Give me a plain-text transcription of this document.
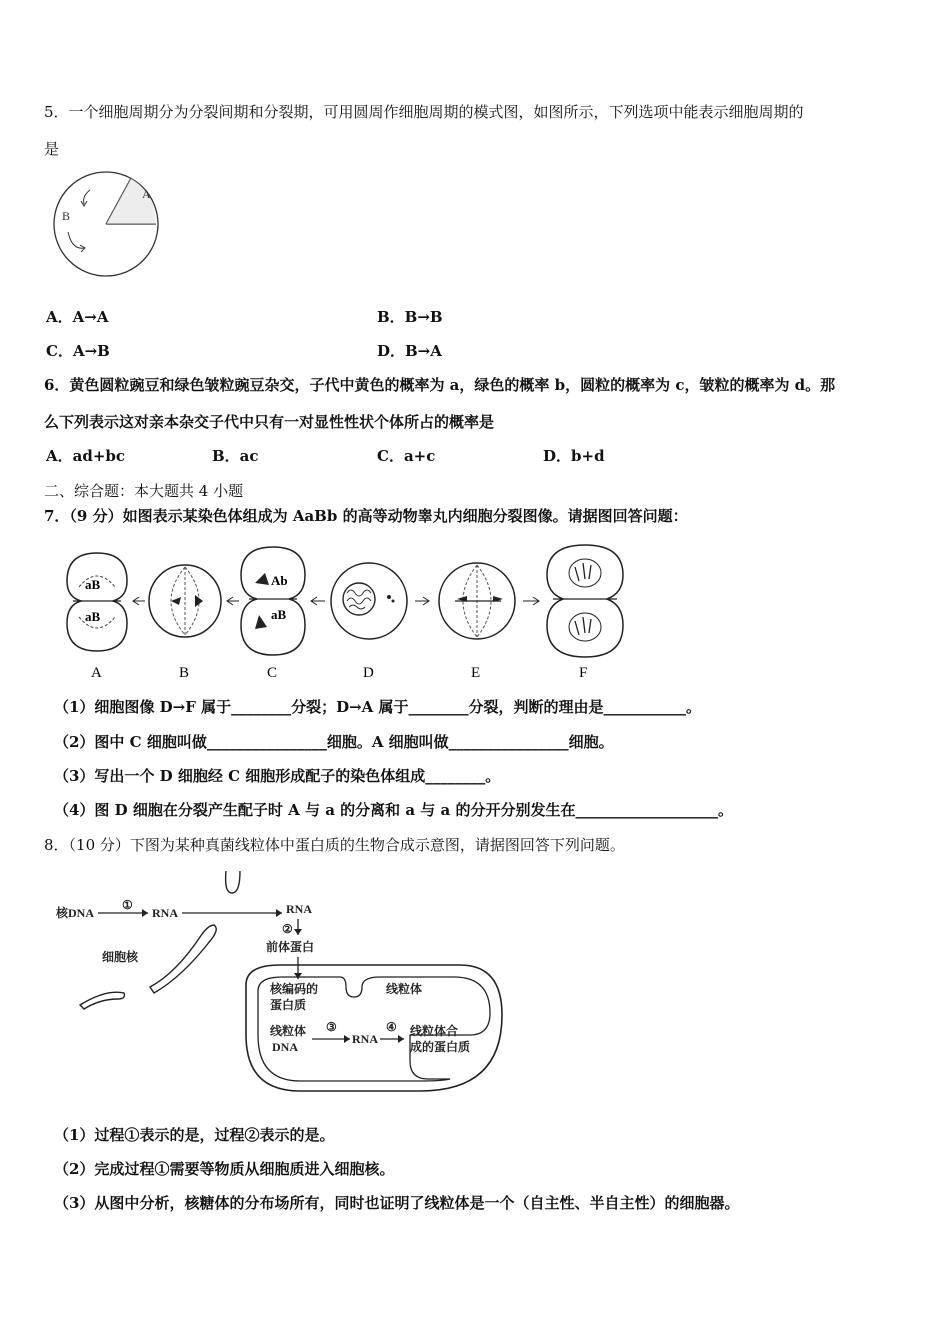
5．一个细胞周期分为分裂间期和分裂期，可用圆周作细胞周期的模式图，如图所示，下列选项中能表示细胞周期的
是
A
B
A．A→A	B．B→B
C．A→B	D．B→A
6．黄色圆粒豌豆和绿色皱粒豌豆杂交，子代中黄色的概率为 a，绿色的概率 b，圆粒的概率为 c，皱粒的概率为 d。那
么下列表示这对亲本杂交子代中只有一对显性性状个体所占的概率是
A．ad+bc	B．ac	C．a+c	D．b+d
二、综合题：本大题共 4 小题
7．（9 分）如图表示某染色体组成为 AaBb 的高等动物睾丸内细胞分裂图像。请据图回答问题：
aB
aB
Ab
aB
A	B	C	D	E	F
（1）细胞图像 D→F 属于________分裂；D→A 属于________分裂，判断的理由是___________。
（2）图中 C 细胞叫做________________细胞。A 细胞叫做________________细胞。
（3）写出一个 D 细胞经 C 细胞形成配子的染色体组成________。
（4）图 D 细胞在分裂产生配子时 A 与 a 的分离和 a 与 a 的分开分别发生在___________________。
8．（10 分）下图为某种真菌线粒体中蛋白质的生物合成示意图，请据图回答下列问题。
核DNA
①
RNA	RNA
②
前体蛋白
细胞核
核编码的
蛋白质
线粒体
线粒体
DNA
③
RNA
④ 线粒体合
成的蛋白质
（1）过程①表示的是，过程②表示的是。
（2）完成过程①需要等物质从细胞质进入细胞核。
（3）从图中分析，核糖体的分布场所有，同时也证明了线粒体是一个（自主性、半自主性）的细胞器。
